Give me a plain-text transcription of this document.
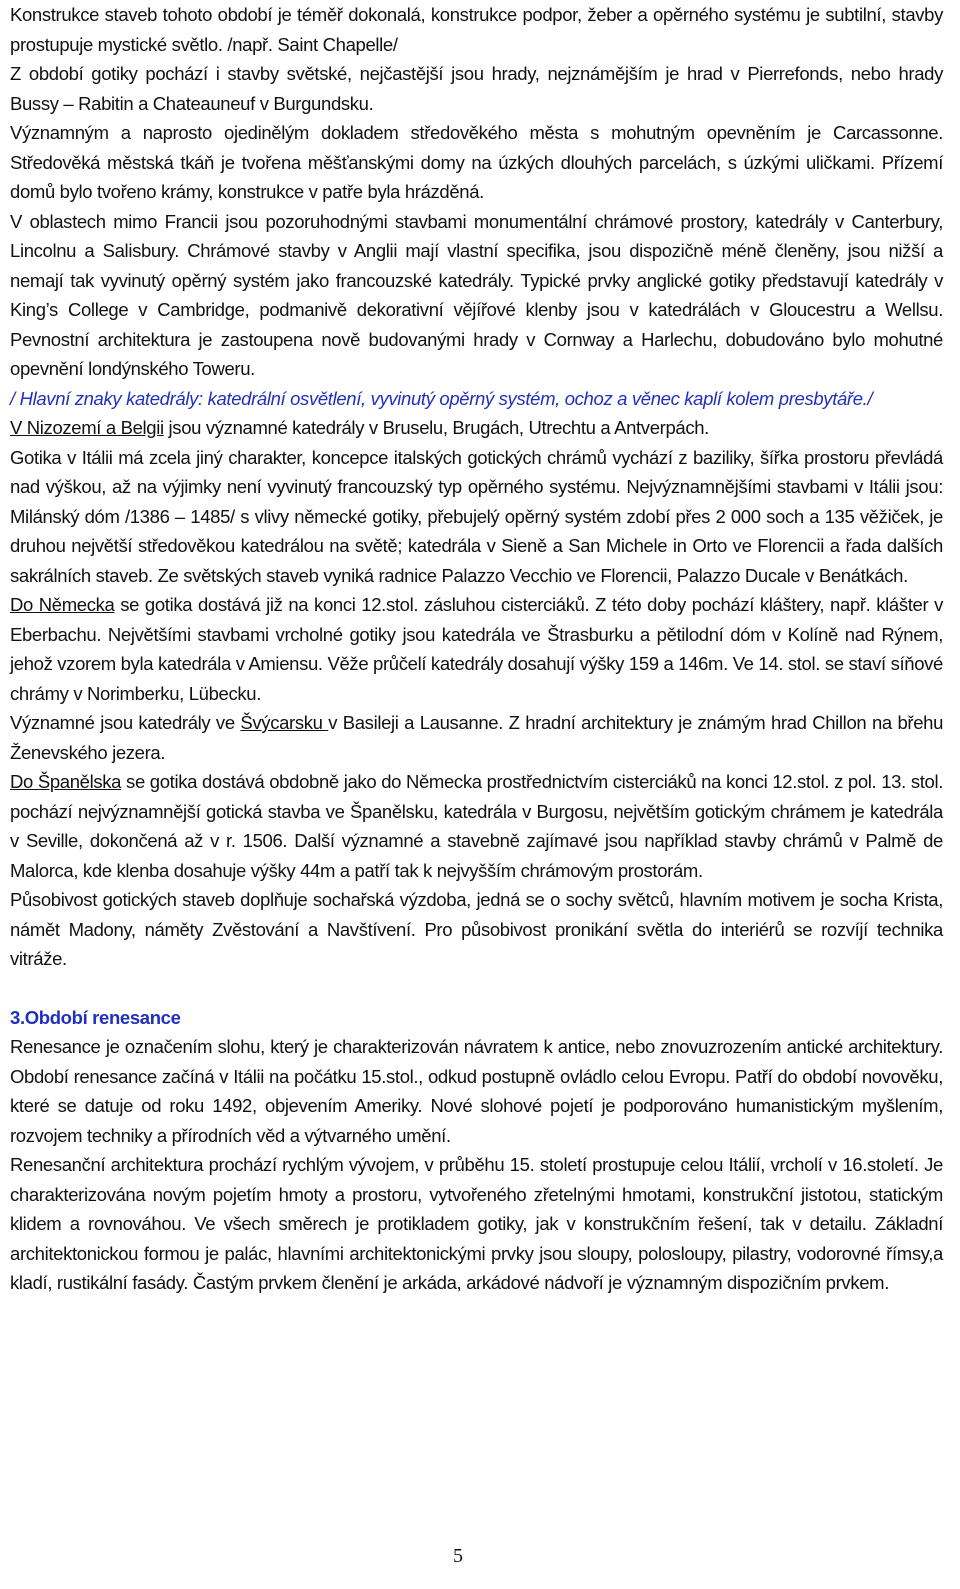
Konstrukce staveb tohoto období je téměř dokonalá, konstrukce podpor, žeber a opěrného systému je subtilní, stavby prostupuje mystické světlo. /např. Saint Chapelle/

Z období gotiky pochází i stavby světské, nejčastější jsou hrady, nejznámějším je hrad v Pierrefonds, nebo hrady Bussy – Rabitin a Chateauneuf v Burgundsku.

Významným a naprosto ojedinělým dokladem středověkého města s mohutným opevněním je Carcassonne. Středověká městská tkáň je tvořena měšťanskými domy na úzkých dlouhých parcelách, s úzkými uličkami. Přízemí domů bylo tvořeno krámy, konstrukce v patře byla hrázděná.

V oblastech mimo Francii jsou pozoruhodnými stavbami monumentální chrámové prostory, katedrály v Canterbury, Lincolnu a Salisbury. Chrámové stavby v Anglii mají vlastní specifika, jsou dispozičně méně členěny, jsou nižší a nemají tak vyvinutý opěrný systém jako francouzské katedrály. Typické prvky anglické gotiky představují katedrály v King’s College v Cambridge, podmanivě dekorativní vějířové klenby jsou v katedrálách v Gloucestru a Wellsu. Pevnostní architektura je zastoupena nově budovanými hrady v Cornway a Harlechu, dobudováno bylo mohutné opevnění londýnského Toweru.

/ Hlavní znaky katedrály: katedrální osvětlení, vyvinutý opěrný systém, ochoz a věnec kaplí kolem presbytáře./

V Nizozemí a Belgii jsou významné katedrály v Bruselu, Brugách, Utrechtu a Antverpách.

Gotika v Itálii má zcela jiný charakter, koncepce italských gotických chrámů vychází z baziliky, šířka prostoru převládá nad výškou, až na výjimky není vyvinutý francouzský typ opěrného systému. Nejvýznamnějšími stavbami v Itálii jsou: Milánský dóm /1386 – 1485/ s vlivy německé gotiky, přebujelý opěrný systém zdobí přes 2 000 soch a 135 věžiček, je druhou největší středověkou katedrálou na světě; katedrála v Sieně a San Michele in Orto ve Florencii a řada dalších sakrálních staveb. Ze světských staveb vyniká radnice Palazzo Vecchio ve Florencii, Palazzo Ducale v Benátkách.

Do Německa se gotika dostává již na konci 12.stol. zásluhou cisterciáků. Z této doby pochází kláštery, např. klášter v Eberbachu. Největšími stavbami vrcholné gotiky jsou katedrála ve Štrasburku a pětilodní dóm v Kolíně nad Rýnem, jehož vzorem byla katedrála v Amiensu. Věže průčelí katedrály dosahují výšky 159 a 146m. Ve 14. stol. se staví síňové chrámy v Norimberku, Lübecku.

Významné jsou katedrály ve Švýcarsku v Basileji a Lausanne. Z hradní architektury je známým hrad Chillon na břehu Ženevského jezera.

Do Španělska se gotika dostává obdobně jako do Německa prostřednictvím cisterciáků na konci 12.stol. z pol. 13. stol. pochází nejvýznamnější gotická stavba ve Španělsku, katedrála v Burgosu, největším gotickým chrámem je katedrála v Seville, dokončená až v r. 1506. Další významné a stavebně zajímavé jsou například stavby chrámů v Palmě de Malorca, kde klenba dosahuje výšky 44m a patří tak k nejvyšším chrámovým prostorám.

Působivost gotických staveb doplňuje sochařská výzdoba, jedná se o sochy světců, hlavním motivem je socha Krista, námět Madony, náměty Zvěstování a Navštívení. Pro působivost pronikání světla do interiérů se rozvíjí technika vitráže.

3.Období renesance

Renesance je označením slohu, který je charakterizován návratem k antice, nebo znovuzrozením antické architektury. Období renesance začíná v Itálii na počátku 15.stol., odkud postupně ovládlo celou Evropu. Patří do období novověku, které se datuje od roku 1492, objevením Ameriky. Nové slohové pojetí je podporováno humanistickým myšlením, rozvojem techniky a přírodních věd a výtvarného umění.

Renesanční architektura prochází rychlým vývojem, v průběhu 15. století prostupuje celou Itálií, vrcholí v 16.století. Je charakterizována novým pojetím hmoty a prostoru, vytvořeného zřetelnými hmotami, konstrukční jistotou, statickým klidem a rovnováhou. Ve všech směrech je protikladem gotiky, jak v konstrukčním řešení, tak v detailu. Základní architektonickou formou je palác, hlavními architektonickými prvky jsou sloupy, polosloupy, pilastry, vodorovné římsy,a kladí, rustikální fasády. Častým prvkem členění je arkáda, arkádové nádvoří je významným dispozičním prvkem.

5
